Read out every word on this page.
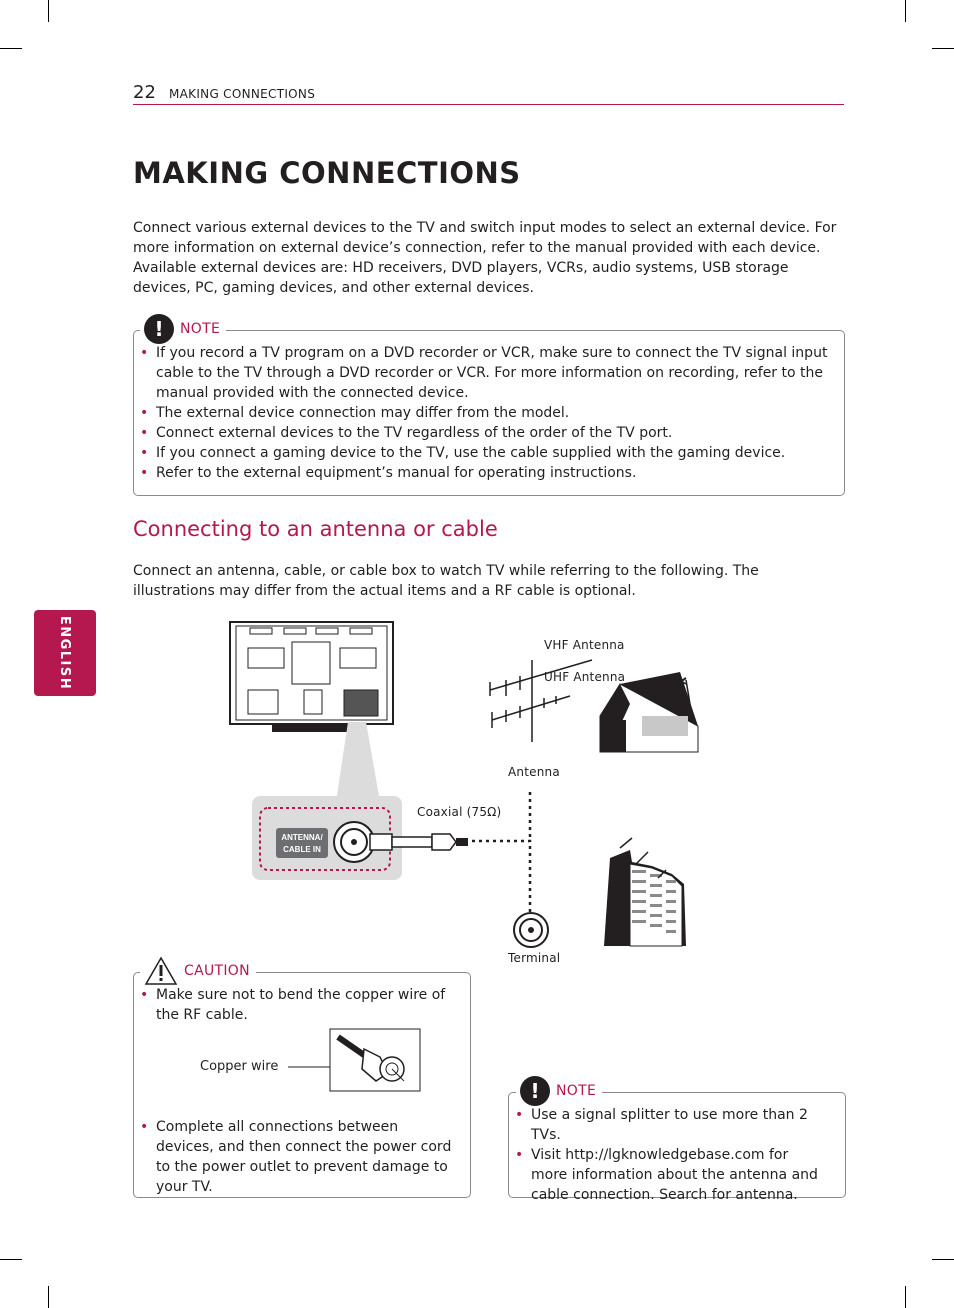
22 MAKING CONNECTIONS
ENGLISH
MAKING CONNECTIONS
Connect various external devices to the TV and switch input modes to select an external device. For more information on external device’s connection, refer to the manual provided with each device.
Available external devices are: HD receivers, DVD players, VCRs, audio systems, USB storage devices, PC, gaming devices, and other external devices.
• If you record a TV program on a DVD recorder or VCR, make sure to connect the TV signal input cable to the TV through a DVD recorder or VCR. For more information on recording, refer to the manual provided with the connected device.
• The external device connection may differ from the model.
• Connect external devices to the TV regardless of the order of the TV port.
• If you connect a gaming device to the TV, use the cable supplied with the gaming device.
• Refer to the external equipment’s manual for operating instructions.
!	NOTE
Connecting to an antenna or cable
Connect an antenna, cable, or cable box to watch TV while referring to the following. The illustrations may differ from the actual items and a RF cable is optional.
ANTENNA/
CABLE IN
VHF Antenna
UHF Antenna
Antenna
Coaxial (75Ω)
Terminal
• Make sure not to bend the copper wire of the RF cable.
Copper wire
• Complete all connections between devices, and then connect the power cord to the power outlet to prevent damage to your TV.
CAUTION
• Use a signal splitter to use more than 2 TVs.
• Visit http://lgknowledgebase.com for more information about the antenna and cable connection. Search for antenna.
!	NOTE
